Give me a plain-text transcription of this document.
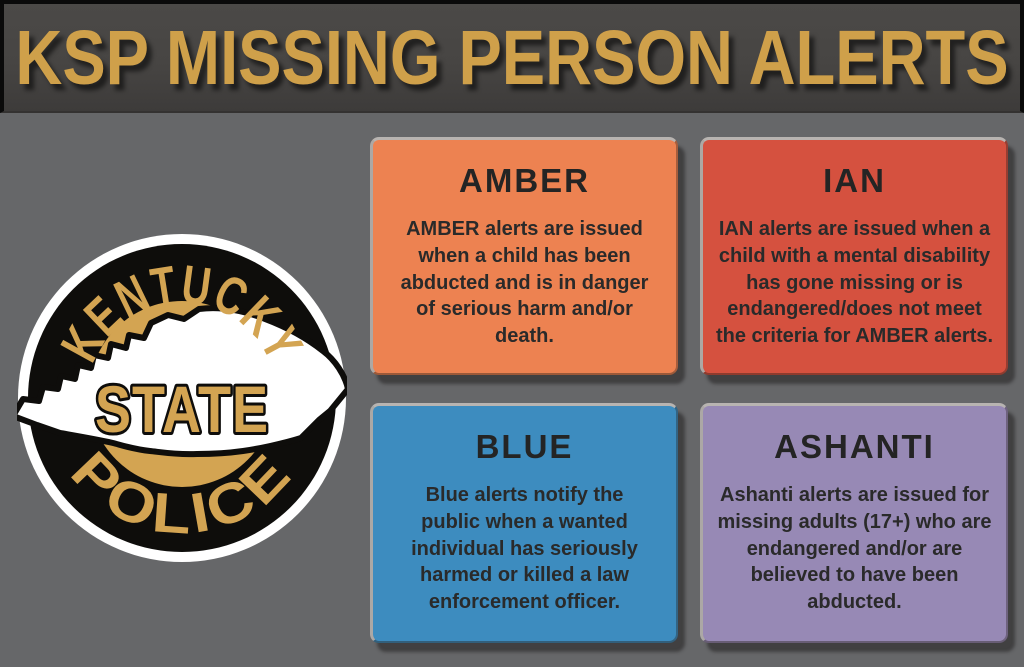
KSP MISSING PERSON ALERTS
KENTUCKY
STATE
POLICE
AMBER
AMBER alerts are issued when a child has been abducted and is in danger of serious harm and/or death.
IAN
IAN alerts are issued when a child with a mental disability has gone missing or is endangered/does not meet the criteria for AMBER alerts.
BLUE
Blue alerts notify the public when a wanted individual has seriously harmed or killed a law enforcement officer.
ASHANTI
Ashanti alerts are issued for missing adults (17+) who are endangered and/or are believed to have been abducted.
